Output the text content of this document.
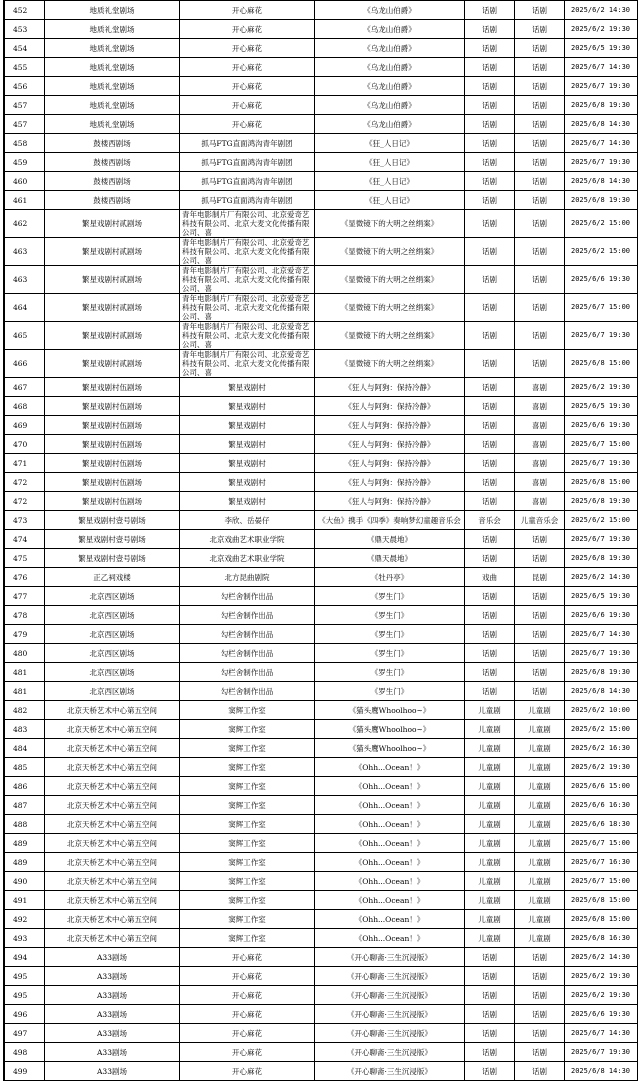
452	地质礼堂剧场	开心麻花	《乌龙山伯爵》	话剧	话剧	2025/6/2 14:30
453	地质礼堂剧场	开心麻花	《乌龙山伯爵》	话剧	话剧	2025/6/2 19:30
454	地质礼堂剧场	开心麻花	《乌龙山伯爵》	话剧	话剧	2025/6/5 19:30
455	地质礼堂剧场	开心麻花	《乌龙山伯爵》	话剧	话剧	2025/6/7 14:30
456	地质礼堂剧场	开心麻花	《乌龙山伯爵》	话剧	话剧	2025/6/7 19:30
457	地质礼堂剧场	开心麻花	《乌龙山伯爵》	话剧	话剧	2025/6/8 19:30
457	地质礼堂剧场	开心麻花	《乌龙山伯爵》	话剧	话剧	2025/6/8 14:30
458	鼓楼西剧场	抓马FTG直面鸿沟青年剧团	《狂_人日记》	话剧	话剧	2025/6/7 14:30
459	鼓楼西剧场	抓马FTG直面鸿沟青年剧团	《狂_人日记》	话剧	话剧	2025/6/7 19:30
460	鼓楼西剧场	抓马FTG直面鸿沟青年剧团	《狂_人日记》	话剧	话剧	2025/6/8 14:30
461	鼓楼西剧场	抓马FTG直面鸿沟青年剧团	《狂_人日记》	话剧	话剧	2025/6/8 19:30
462	繁星戏剧村贰剧场	青年电影制片厂有限公司、北京爱奇艺科技有限公司、北京大麦文化传播有限公司、喜	《显微镜下的大明之丝绢案》	话剧	话剧	2025/6/2 15:00
463	繁星戏剧村贰剧场	青年电影制片厂有限公司、北京爱奇艺科技有限公司、北京大麦文化传播有限公司、喜	《显微镜下的大明之丝绢案》	话剧	话剧	2025/6/2 15:00
463	繁星戏剧村贰剧场	青年电影制片厂有限公司、北京爱奇艺科技有限公司、北京大麦文化传播有限公司、喜	《显微镜下的大明之丝绢案》	话剧	话剧	2025/6/6 19:30
464	繁星戏剧村贰剧场	青年电影制片厂有限公司、北京爱奇艺科技有限公司、北京大麦文化传播有限公司、喜	《显微镜下的大明之丝绢案》	话剧	话剧	2025/6/7 15:00
465	繁星戏剧村贰剧场	青年电影制片厂有限公司、北京爱奇艺科技有限公司、北京大麦文化传播有限公司、喜	《显微镜下的大明之丝绢案》	话剧	话剧	2025/6/7 19:30
466	繁星戏剧村贰剧场	青年电影制片厂有限公司、北京爱奇艺科技有限公司、北京大麦文化传播有限公司、喜	《显微镜下的大明之丝绢案》	话剧	话剧	2025/6/8 15:00
467	繁星戏剧村伍剧场	繁星戏剧村	《狂人与阿狗：保持冷静》	话剧	喜剧	2025/6/2 19:30
468	繁星戏剧村伍剧场	繁星戏剧村	《狂人与阿狗：保持冷静》	话剧	喜剧	2025/6/5 19:30
469	繁星戏剧村伍剧场	繁星戏剧村	《狂人与阿狗：保持冷静》	话剧	喜剧	2025/6/6 19:30
470	繁星戏剧村伍剧场	繁星戏剧村	《狂人与阿狗：保持冷静》	话剧	喜剧	2025/6/7 15:00
471	繁星戏剧村伍剧场	繁星戏剧村	《狂人与阿狗：保持冷静》	话剧	喜剧	2025/6/7 19:30
472	繁星戏剧村伍剧场	繁星戏剧村	《狂人与阿狗：保持冷静》	话剧	喜剧	2025/6/8 15:00
472	繁星戏剧村伍剧场	繁星戏剧村	《狂人与阿狗：保持冷静》	话剧	喜剧	2025/6/8 19:30
473	繁星戏剧村壹号剧场	李欣、岳晏仔	《大鱼》携手《四季》奏响梦幻童趣音乐会	音乐会	儿童音乐会	2025/6/2 15:00
474	繁星戏剧村壹号剧场	北京戏曲艺术职业学院	《鼎天晨地》	话剧	话剧	2025/6/7 19:30
475	繁星戏剧村壹号剧场	北京戏曲艺术职业学院	《鼎天晨地》	话剧	话剧	2025/6/8 19:30
476	正乙祠戏楼	北方昆曲剧院	《牡丹亭》	戏曲	昆剧	2025/6/2 14:30
477	北京西区剧场	勾栏舍制作出品	《罗生门》	话剧	话剧	2025/6/5 19:30
478	北京西区剧场	勾栏舍制作出品	《罗生门》	话剧	话剧	2025/6/6 19:30
479	北京西区剧场	勾栏舍制作出品	《罗生门》	话剧	话剧	2025/6/7 14:30
480	北京西区剧场	勾栏舍制作出品	《罗生门》	话剧	话剧	2025/6/7 19:30
481	北京西区剧场	勾栏舍制作出品	《罗生门》	话剧	话剧	2025/6/8 19:30
481	北京西区剧场	勾栏舍制作出品	《罗生门》	话剧	话剧	2025/6/8 14:30
482	北京天桥艺术中心第五空间	窦辉工作室	《猫头鹰Whoolhoo~》	儿童剧	儿童剧	2025/6/2 10:00
483	北京天桥艺术中心第五空间	窦辉工作室	《猫头鹰Whoolhoo~》	儿童剧	儿童剧	2025/6/2 15:00
484	北京天桥艺术中心第五空间	窦辉工作室	《猫头鹰Whoolhoo~》	儿童剧	儿童剧	2025/6/2 16:30
485	北京天桥艺术中心第五空间	窦辉工作室	《Ohh...Ocean！》	儿童剧	儿童剧	2025/6/2 19:30
486	北京天桥艺术中心第五空间	窦辉工作室	《Ohh...Ocean！》	儿童剧	儿童剧	2025/6/6 15:00
487	北京天桥艺术中心第五空间	窦辉工作室	《Ohh...Ocean！》	儿童剧	儿童剧	2025/6/6 16:30
488	北京天桥艺术中心第五空间	窦辉工作室	《Ohh...Ocean！》	儿童剧	儿童剧	2025/6/6 18:30
489	北京天桥艺术中心第五空间	窦辉工作室	《Ohh...Ocean！》	儿童剧	儿童剧	2025/6/7 15:00
489	北京天桥艺术中心第五空间	窦辉工作室	《Ohh...Ocean！》	儿童剧	儿童剧	2025/6/7 16:30
490	北京天桥艺术中心第五空间	窦辉工作室	《Ohh...Ocean！》	儿童剧	儿童剧	2025/6/7 15:00
491	北京天桥艺术中心第五空间	窦辉工作室	《Ohh...Ocean！》	儿童剧	儿童剧	2025/6/8 15:00
492	北京天桥艺术中心第五空间	窦辉工作室	《Ohh...Ocean！》	儿童剧	儿童剧	2025/6/8 15:00
493	北京天桥艺术中心第五空间	窦辉工作室	《Ohh...Ocean！》	儿童剧	儿童剧	2025/6/8 16:30
494	A33剧场	开心麻花	《开心聊斋·三生沉浸版》	话剧	话剧	2025/6/2 14:30
495	A33剧场	开心麻花	《开心聊斋·三生沉浸版》	话剧	话剧	2025/6/2 19:30
495	A33剧场	开心麻花	《开心聊斋·三生沉浸版》	话剧	话剧	2025/6/2 19:30
496	A33剧场	开心麻花	《开心聊斋·三生沉浸版》	话剧	话剧	2025/6/6 19:30
497	A33剧场	开心麻花	《开心聊斋·三生沉浸版》	话剧	话剧	2025/6/7 14:30
498	A33剧场	开心麻花	《开心聊斋·三生沉浸版》	话剧	话剧	2025/6/7 19:30
499	A33剧场	开心麻花	《开心聊斋·三生沉浸版》	话剧	话剧	2025/6/8 14:30
